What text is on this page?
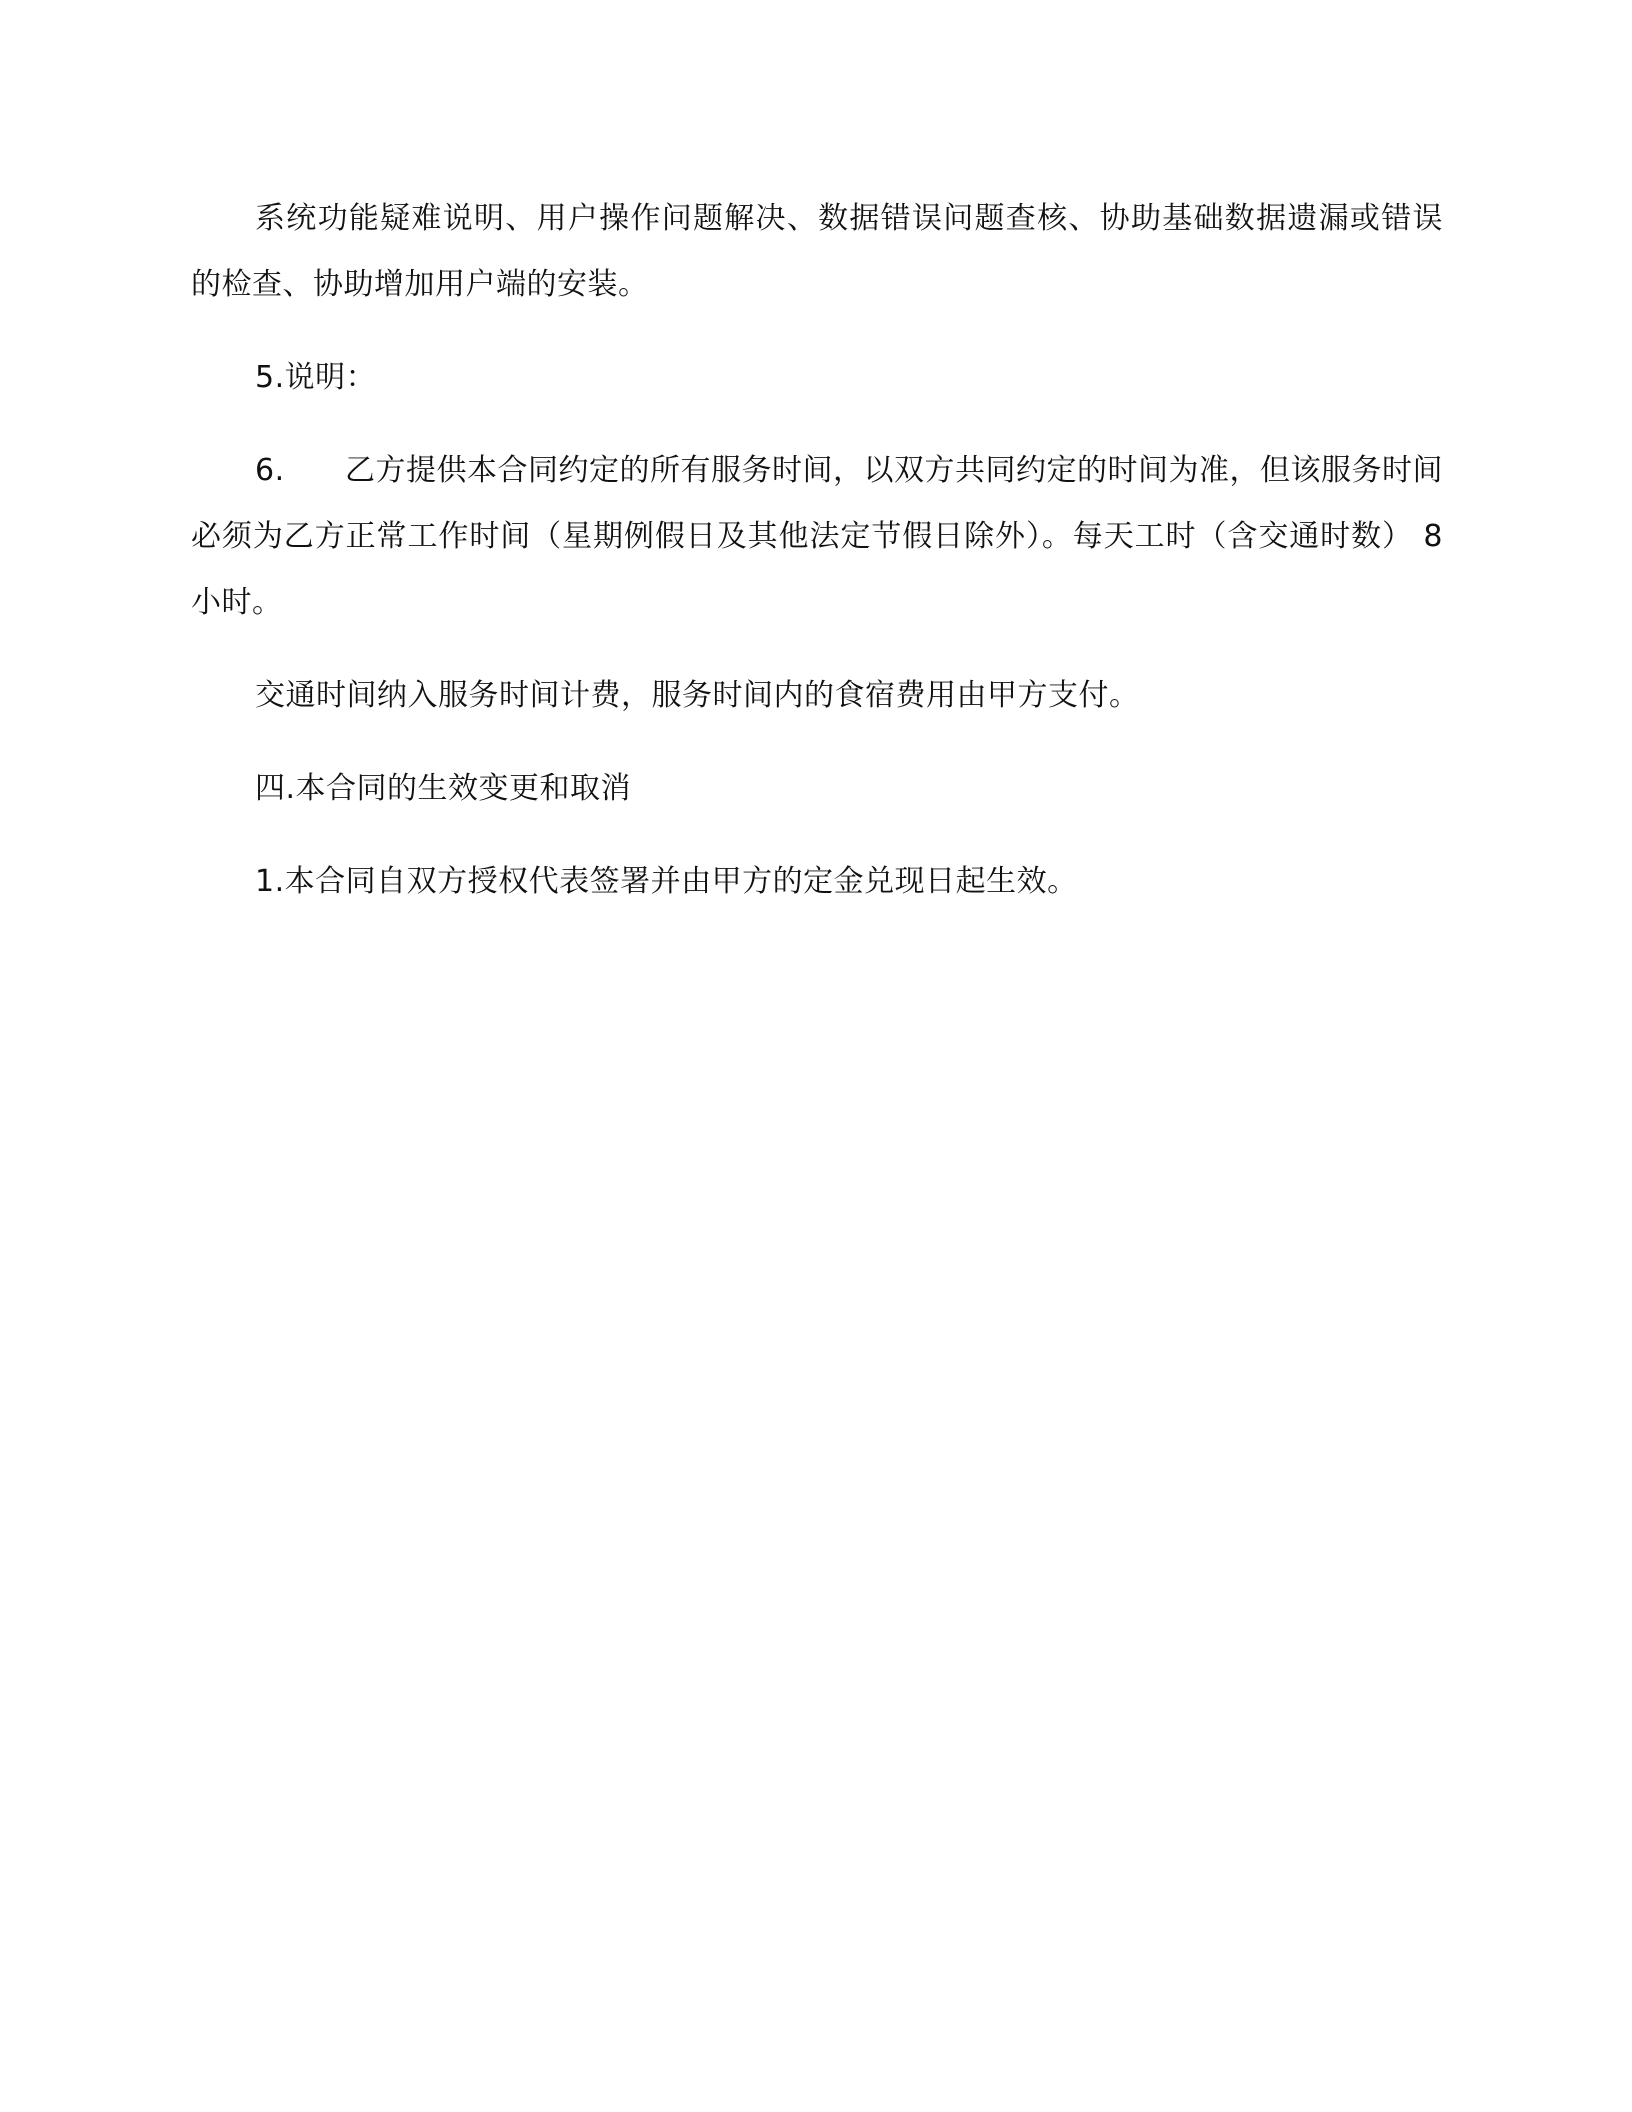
系统功能疑难说明、用户操作问题解决、数据错误问题查核、协助基础数据遗漏或错误的检查、协助增加用户端的安装。

5.说明：

6. 乙方提供本合同约定的所有服务时间，以双方共同约定的时间为准，但该服务时间必须为乙方正常工作时间（星期例假日及其他法定节假日除外）。每天工时（含交通时数） 8 小时。

交通时间纳入服务时间计费，服务时间内的食宿费用由甲方支付。

四.本合同的生效变更和取消

1.本合同自双方授权代表签署并由甲方的定金兑现日起生效。
